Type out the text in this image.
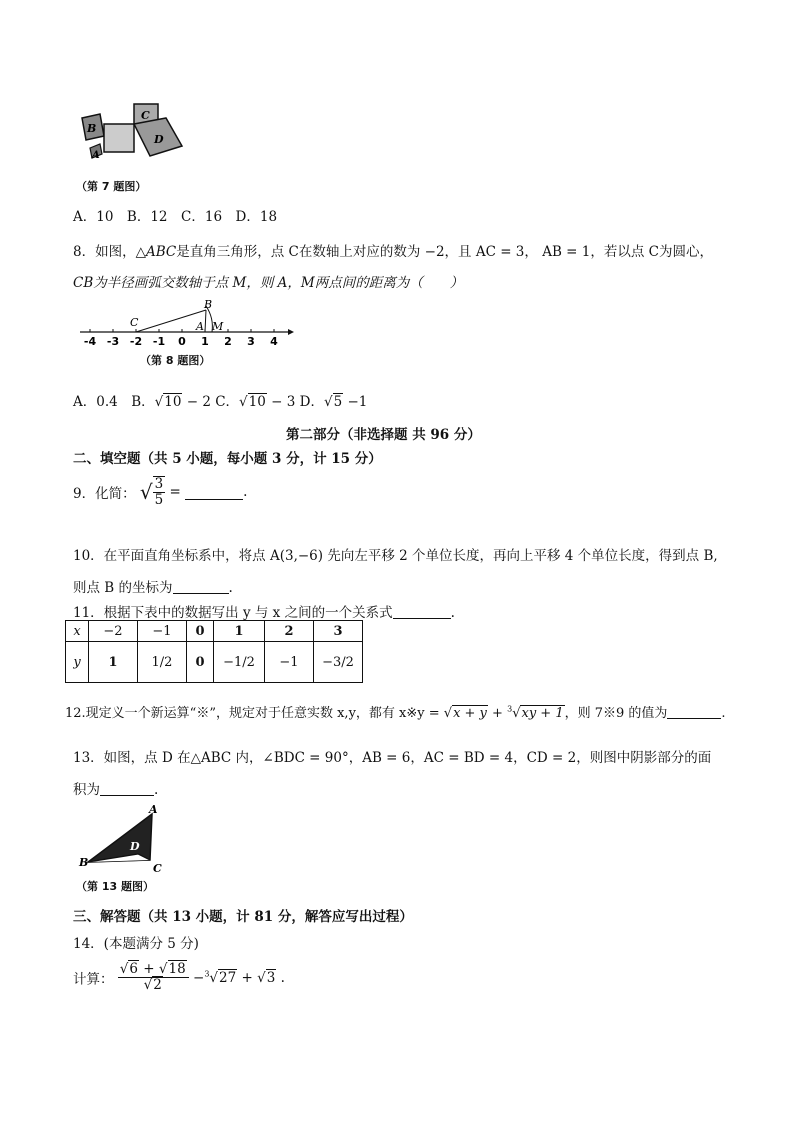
B
C
D
A
（第 7 题图）
A．10　B．12　C．16　D．18
8．如图，△ABC是直角三角形，点 C在数轴上对应的数为 −2，且 AC = 3， AB = 1，若以点 C为圆心，
CB为半径画弧交数轴于点 M，则 A，M两点间的距离为（　　）
-4 -3 -2 -1 0 1 2 3 4
C
B
A M
（第 8 题图）
A．0.4　B．√10 − 2 C．√10 − 3 D．√5 −1
第二部分（非选择题 共 96 分）
二、填空题（共 5 小题，每小题 3 分，计 15 分）
9．化简： √ $\frac{3}{5}$ =	.
10．在平面直角坐标系中，将点 A(3,−6) 先向左平移 2 个单位长度，再向上平移 4 个单位长度，得到点 B,
则点 B 的坐标为	.
11．根据下表中的数据写出 y 与 x 之间的一个关系式	.
x	−2	−1	0	1	2	3
y	1	1/2	0	−1/2	−1	−3/2
12.现定义一个新运算“※”，规定对于任意实数 x,y，都有 x※y = √x + y + $^3$√xy + 1，则 7※9 的值为	.
13．如图，点 D 在△ABC 内，∠BDC = 90°，AB = 6，AC = BD = 4，CD = 2，则图中阴影部分的面
积为	.
A
B	C
D
（第 13 题图）
三、解答题（共 13 小题，计 81 分，解答应写出过程）
14．(本题满分 5 分)
计算： $\frac{√6 + √18}{√2} -^3√27 + √3$ .
